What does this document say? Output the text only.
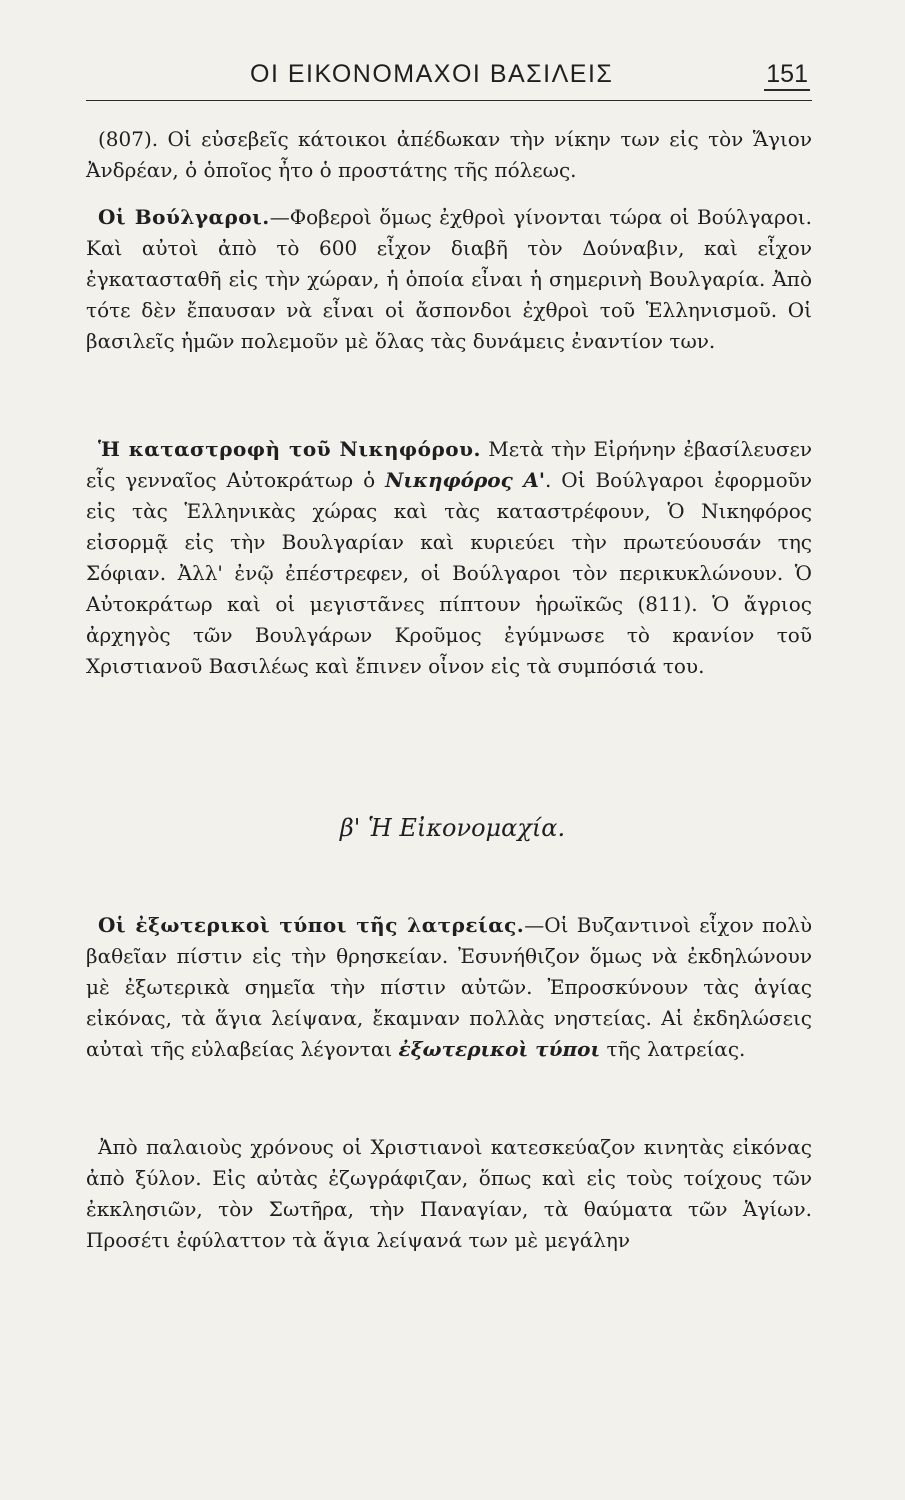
ΟΙ ΕΙΚΟΝΟΜΑΧΟΙ ΒΑΣΙΛΕΙΣ	151

(807). Οἱ εὐσεβεῖς κάτοικοι ἀπέδωκαν τὴν νίκην των εἰς τὸν Ἅγιον Ἀνδρέαν, ὁ ὁποῖος ἦτο ὁ προστάτης τῆς πόλεως.

Οἱ Βούλγαροι.—Φοβεροὶ ὅμως ἐχθροὶ γίνονται τώρα οἱ Βούλγαροι. Καὶ αὐτοὶ ἀπὸ τὸ 600 εἶχον διαβῆ τὸν Δούναβιν, καὶ εἶχον ἐγκατασταθῆ εἰς τὴν χώραν, ἡ ὁποία εἶναι ἡ σημερινὴ Βουλγαρία. Ἀπὸ τότε δὲν ἔπαυσαν νὰ εἶναι οἱ ἄσπονδοι ἐχθροὶ τοῦ Ἑλληνισμοῦ. Οἱ βασιλεῖς ἡμῶν πολεμοῦν μὲ ὅλας τὰς δυνάμεις ἐναντίον των.

Ἡ καταστροφὴ τοῦ Νικηφόρου. Μετὰ τὴν Εἰρήνην ἐβασίλευσεν εἷς γενναῖος Αὐτοκράτωρ ὁ Νικηφόρος Α'. Οἱ Βούλγαροι ἐφορμοῦν εἰς τὰς Ἑλληνικὰς χώρας καὶ τὰς καταστρέφουν, Ὁ Νικηφόρος εἰσορμᾷ εἰς τὴν Βουλγαρίαν καὶ κυριεύει τὴν πρωτεύουσάν της Σόφιαν. Ἀλλ' ἐνῷ ἐπέστρεφεν, οἱ Βούλγαροι τὸν περικυκλώνουν. Ὁ Αὐτοκράτωρ καὶ οἱ μεγιστᾶνες πίπτουν ἡρωϊκῶς (811). Ὁ ἄγριος ἀρχηγὸς τῶν Βουλγάρων Κροῦμος ἐγύμνωσε τὸ κρανίον τοῦ Χριστιανοῦ Βασιλέως καὶ ἔπινεν οἶνον εἰς τὰ συμπόσιά του.

β' Ἡ Εἰκονομαχία.

Οἱ ἐξωτερικοὶ τύποι τῆς λατρείας.—Οἱ Βυζαντινοὶ εἶχον πολὺ βαθεῖαν πίστιν εἰς τὴν θρησκείαν. Ἐσυνήθιζον ὅμως νὰ ἐκδηλώνουν μὲ ἐξωτερικὰ σημεῖα τὴν πίστιν αὐτῶν. Ἐπροσκύνουν τὰς ἁγίας εἰκόνας, τὰ ἅγια λείψανα, ἔκαμναν πολλὰς νηστείας. Αἱ ἐκδηλώσεις αὐταὶ τῆς εὐλαβείας λέγονται ἐξωτερικοὶ τύποι τῆς λατρείας.

Ἀπὸ παλαιοὺς χρόνους οἱ Χριστιανοὶ κατεσκεύαζον κινητὰς εἰκόνας ἀπὸ ξύλον. Εἰς αὐτὰς ἐζωγράφιζαν, ὅπως καὶ εἰς τοὺς τοίχους τῶν ἐκκλησιῶν, τὸν Σωτῆρα, τὴν Παναγίαν, τὰ θαύματα τῶν Ἁγίων. Προσέτι ἐφύλαττον τὰ ἅγια λείψανά των μὲ μεγάλην
